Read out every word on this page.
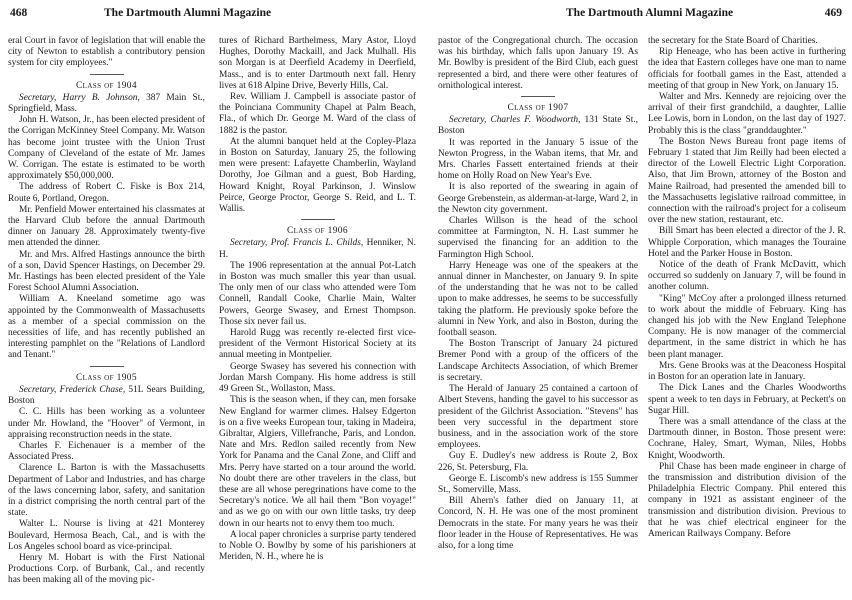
468	The Dartmouth Alumni Magazine

eral Court in favor of legislation that will enable the city of Newton to establish a contributory pension system for city employees."

Class of 1904

Secretary, Harry B. Johnson, 387 Main St., Springfield, Mass.

John H. Watson, Jr., has been elected president of the Corrigan McKinney Steel Company. Mr. Watson has become joint trustee with the Union Trust Company of Cleveland of the estate of Mr. James W. Corrigan. The estate is estimated to be worth approximately $50,000,000.

The address of Robert C. Fiske is Box 214, Route 6, Portland, Oregon.

Mr. Penfield Mower entertained his classmates at the Harvard Club before the annual Dartmouth dinner on January 28. Approximately twenty-five men attended the dinner.

Mr. and Mrs. Alfred Hastings announce the birth of a son, David Spencer Hastings, on December 29. Mr. Hastings has been elected president of the Yale Forest School Alumni Association.

William A. Kneeland sometime ago was appointed by the Commonwealth of Massachusetts as a member of a special commission on the necessities of life, and has recently published an interesting pamphlet on the "Relations of Landlord and Tenant."

Class of 1905

Secretary, Frederick Chase, 51L Sears Building, Boston

C. C. Hills has been working as a volunteer under Mr. Howland, the "Hoover" of Vermont, in appraising reconstruction needs in the state.

Charles F. Eichenauer is a member of the Associated Press.

Clarence L. Barton is with the Massachusetts Department of Labor and Industries, and has charge of the laws concerning labor, safety, and sanitation in a district comprising the north central part of the state.

Walter L. Nourse is living at 421 Monterey Boulevard, Hermosa Beach, Cal., and is with the Los Angeles school board as vice-principal.

Henry M. Hobart is with the First National Productions Corp. of Burbank, Cal., and recently has been making all of the moving pic-

tures of Richard Barthelmess, Mary Astor, Lloyd Hughes, Dorothy Mackaill, and Jack Mulhall. His son Morgan is at Deerfield Academy in Deerfield, Mass., and is to enter Dartmouth next fall. Henry lives at 618 Alpine Drive, Beverly Hills, Cal.

Rev. William J. Campbell is associate pastor of the Poinciana Community Chapel at Palm Beach, Fla., of which Dr. George M. Ward of the class of 1882 is the pastor.

At the alumni banquet held at the Copley-Plaza in Boston on Saturday, January 25, the following men were present: Lafayette Chamberlin, Wayland Dorothy, Joe Gilman and a guest, Bob Harding, Howard Knight, Royal Parkinson, J. Winslow Peirce, George Proctor, George S. Reid, and L. T. Wallis.

Class of 1906

Secretary, Prof. Francis L. Childs, Henniker, N. H.

The 1906 representation at the annual Pot-Latch in Boston was much smaller this year than usual. The only men of our class who attended were Tom Connell, Randall Cooke, Charlie Main, Walter Powers, George Swasey, and Ernest Thompson. Those six never fail us.

Harold Rugg was recently re-elected first vice-president of the Vermont Historical Society at its annual meeting in Montpelier.

George Swasey has severed his connection with Jordan Marsh Company. His home address is still 49 Green St., Wollaston, Mass.

This is the season when, if they can, men forsake New England for warmer climes. Halsey Edgerton is on a five weeks European tour, taking in Madeira, Gibraltar, Algiers, Villefranche, Paris, and London. Nate and Mrs. Redlon sailed recently from New York for Panama and the Canal Zone, and Cliff and Mrs. Perry have started on a tour around the world. No doubt there are other travelers in the class, but these are all whose peregrinations have come to the Secretary's notice. We all hail them "Bon voyage!" and as we go on with our own little tasks, try deep down in our hearts not to envy them too much.

A local paper chronicles a surprise party tendered to Noble O. Bowlby by some of his parishioners at Meriden, N. H., where he is

The Dartmouth Alumni Magazine	469

pastor of the Congregational church. The occasion was his birthday, which falls upon January 19. As Mr. Bowlby is president of the Bird Club, each guest represented a bird, and there were other features of ornithological interest.

Class of 1907

Secretary, Charles F. Woodworth, 131 State St., Boston

It was reported in the January 5 issue of the Newton Progress, in the Waban items, that Mr. and Mrs. Charles Fassett entertained friends at their home on Holly Road on New Year's Eve.

It is also reported of the swearing in again of George Grebenstein, as alderman-at-large, Ward 2, in the Newton city government.

Charles Willson is the head of the school committee at Farmington, N. H. Last summer he supervised the financing for an addition to the Farmington High School.

Harry Heneage was one of the speakers at the annual dinner in Manchester, on January 9. In spite of the understanding that he was not to be called upon to make addresses, he seems to be successfully taking the platform. He previously spoke before the alumni in New York, and also in Boston, during the football season.

The Boston Transcript of January 24 pictured Bremer Pond with a group of the officers of the Landscape Architects Association, of which Bremer is secretary.

The Herald of January 25 contained a cartoon of Albert Stevens, handing the gavel to his successor as president of the Gilchrist Association. "Stevens" has been very successful in the department store business, and in the association work of the store employees.

Guy E. Dudley's new address is Route 2, Box 226, St. Petersburg, Fla.

George E. Liscomb's new address is 155 Summer St., Somerville, Mass.

Bill Ahern's father died on January 11, at Concord, N. H. He was one of the most prominent Democrats in the state. For many years he was their floor leader in the House of Representatives. He was also, for a long time

the secretary for the State Board of Charities.

Rip Heneage, who has been active in furthering the idea that Eastern colleges have one man to name officials for football games in the East, attended a meeting of that group in New York, on January 15.

Walter and Mrs. Kennedy are rejoicing over the arrival of their first grandchild, a daughter, Lallie Lee Lowis, born in London, on the last day of 1927. Probably this is the class "granddaughter."

The Boston News Bureau front page items of February 1 stated that Jim Reilly had been elected a director of the Lowell Electric Light Corporation. Also, that Jim Brown, attorney of the Boston and Maine Railroad, had presented the amended bill to the Massachusetts legislative railroad committee, in connection with the railroad's project for a coliseum over the new station, restaurant, etc.

Bill Smart has been elected a director of the J. R. Whipple Corporation, which manages the Touraine Hotel and the Parker House in Boston.

Notice of the death of Frank McDavitt, which occurred so suddenly on January 7, will be found in another column.

"King" McCoy after a prolonged illness returned to work about the middle of February. King has changed his job with the New England Telephone Company. He is now manager of the commercial department, in the same district in which he has been plant manager.

Mrs. Gene Brooks was at the Deaconess Hospital in Boston for an operation late in January.

The Dick Lanes and the Charles Woodworths spent a week to ten days in February, at Peckett's on Sugar Hill.

There was a small attendance of the class at the Dartmouth dinner, in Boston. Those present were: Cochrane, Haley, Smart, Wyman, Niles, Hobbs Knight, Woodworth.

Phil Chase has been made engineer in charge of the transmission and distribution division of the Philadelphia Electric Company. Phil entered this company in 1921 as assistant engineer of the transmission and distribution division. Previous to that he was chief electrical engineer for the American Railways Company. Before
